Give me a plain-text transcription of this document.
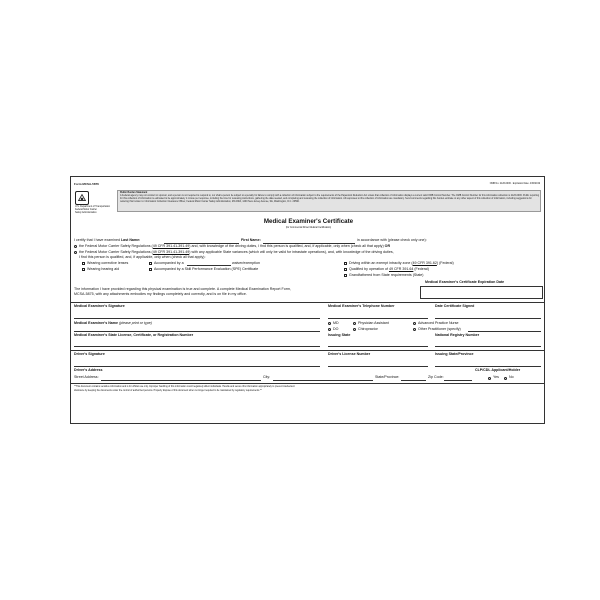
Form MCSA-5876	OMB No. 2126-0006 · Expiration Date: 4/30/2019
U.S. Department of Transportation
Federal Motor Carrier
Safety Administration
Public Burden Statement
A Federal agency may not conduct or sponsor, and a person is not required to respond to, nor shall a person be subject to a penalty for failure to comply with a collection of information subject to the requirements of the Paperwork Reduction Act unless that collection of information displays a current valid OMB Control Number. The OMB Control Number for this information collection is 2126-0006. Public reporting for this collection of information is estimated to be approximately 1 minute per response, including the time for reviewing instructions, gathering the data needed, and completing and reviewing the collection of information. All responses to this collection of information are mandatory. Send comments regarding this burden estimate or any other aspect of this collection of information, including suggestions for reducing this burden to: Information Collection Clearance Officer, Federal Motor Carrier Safety Administration, MC-RRA, 1200 New Jersey Avenue, SE, Washington, D.C. 20590.
Medical Examiner's Certificate
(for Commercial Driver Medical Certification)
I certify that I have examined Last Name:	First Name:	in accordance with (please check only one):
the Federal Motor Carrier Safety Regulations (49 CFR 391.41-391.49) and, with knowledge of the driving duties, I find this person is qualified, and, if applicable, only when (check all that apply) OR
the Federal Motor Carrier Safety Regulations (49 CFR 391.41-391.49) with any applicable State variances (which will only be valid for intrastate operations), and, with knowledge of the driving duties,
I find this person is qualified, and, if applicable, only when (check all that apply):
Wearing corrective lenses
Wearing hearing aid
Accompanied by a	waiver/exemption
Accompanied by a Skill Performance Evaluation (SPE) Certificate
Driving within an exempt intracity zone (49 CFR 391.62) (Federal)
Qualified by operation of 49 CFR 391.64 (Federal)
Grandfathered from State requirements (State)
Medical Examiner's Certificate Expiration Date
The information I have provided regarding this physical examination is true and complete. A complete Medical Examination Report Form,
MCSA-5875, with any attachments embodies my findings completely and correctly, and is on file in my office.
Medical Examiner's Signature	Medical Examiner's Telephone Number	Date Certificate Signed
Medical Examiner's Name (please print or type)	MD	Physician Assistant	Advanced Practice Nurse
DO	Chiropractor	Other Practitioner (specify)
Medical Examiner's State License, Certificate, or Registration Number	Issuing State	National Registry Number
Driver's Signature	Driver's License Number	Issuing State/Province
Driver's Address	CLP/CDL Applicant/Holder
Street Address:	City:	State/Province:	Zip Code:	Yes	No
**This document contains sensitive information and is for official use only. Improper handling of this information could negatively affect individuals. Handle and secure this information appropriately to prevent inadvertent
disclosure by keeping the documents under the control of authorized persons. Properly dispose of this document when no longer required to be maintained by regulatory requirements.**
